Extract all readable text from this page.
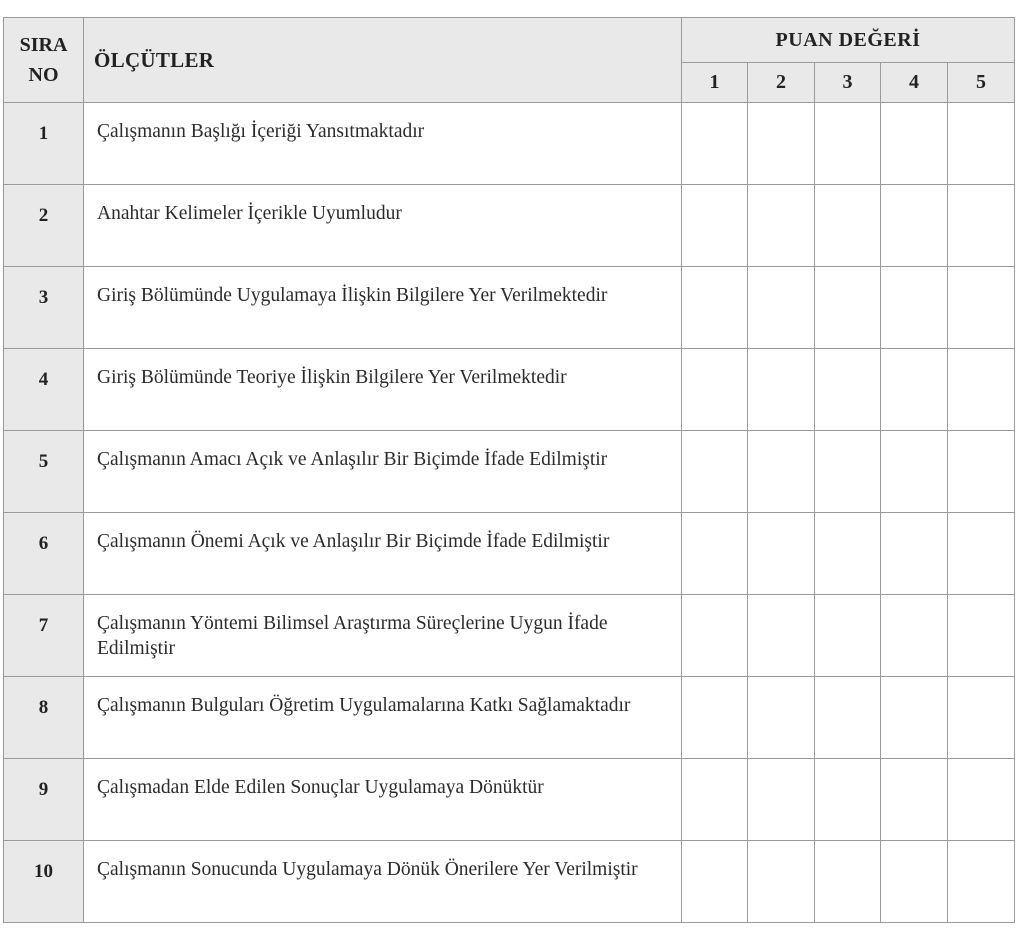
SIRA
NO	ÖLÇÜTLER	PUAN DEĞERİ				
		1	2	3	4	5
1	Çalışmanın Başlığı İçeriği Yansıtmaktadır					
2	Anahtar Kelimeler İçerikle Uyumludur					
3	Giriş Bölümünde Uygulamaya İlişkin Bilgilere Yer Verilmektedir					
4	Giriş Bölümünde Teoriye İlişkin Bilgilere Yer Verilmektedir					
5	Çalışmanın Amacı Açık ve Anlaşılır Bir Biçimde İfade Edilmiştir					
6	Çalışmanın Önemi Açık ve Anlaşılır Bir Biçimde İfade Edilmiştir					
7	Çalışmanın Yöntemi Bilimsel Araştırma Süreçlerine Uygun İfade Edilmiştir					
8	Çalışmanın Bulguları Öğretim Uygulamalarına Katkı Sağlamaktadır					
9	Çalışmadan Elde Edilen Sonuçlar Uygulamaya Dönüktür					
10	Çalışmanın Sonucunda Uygulamaya Dönük Önerilere Yer Verilmiştir					
